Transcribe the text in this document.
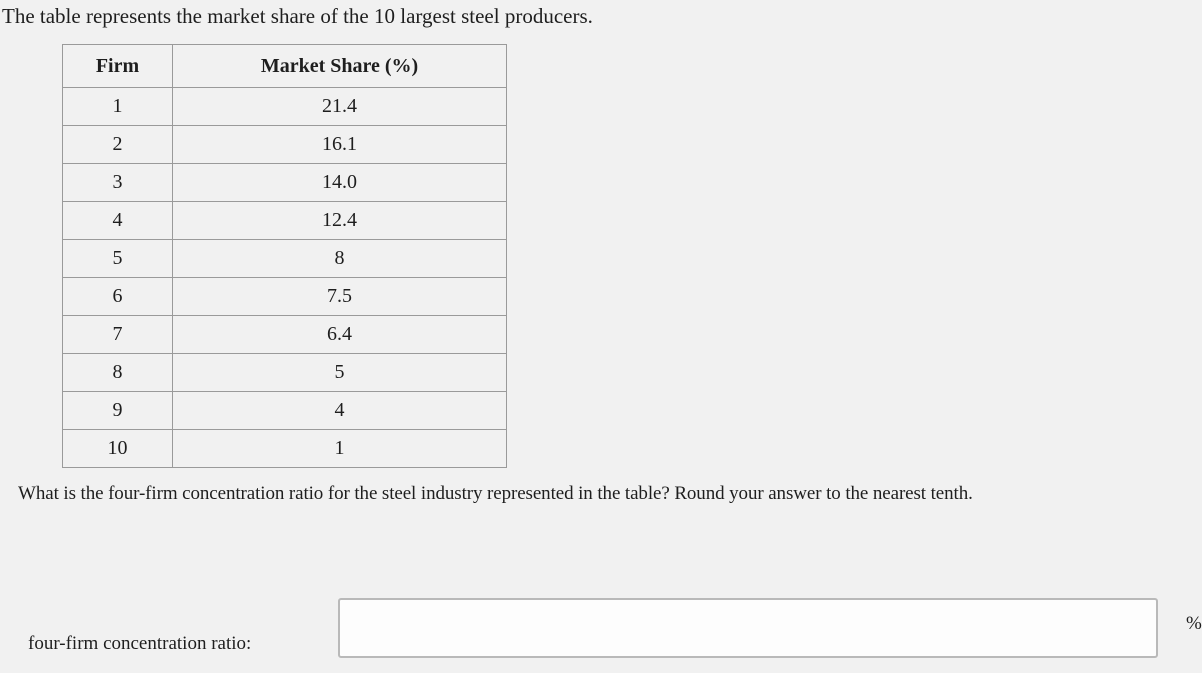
The table represents the market share of the 10 largest steel producers.
Firm	Market Share (%)
1	21.4
2	16.1
3	14.0
4	12.4
5	8
6	7.5
7	6.4
8	5
9	4
10	1
What is the four-firm concentration ratio for the steel industry represented in the table? Round your answer to the nearest tenth.
four-firm concentration ratio:
%
